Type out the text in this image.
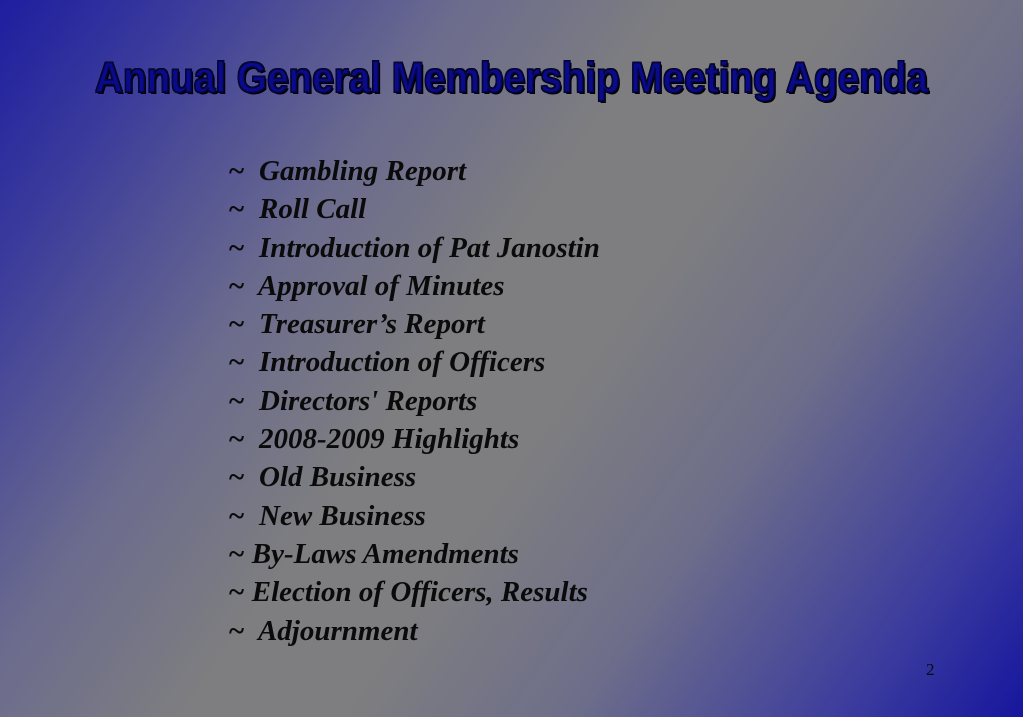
Annual General Membership Meeting Agenda
~  Gambling Report
~  Roll Call
~  Introduction of Pat Janostin
~  Approval of Minutes
~  Treasurer’s Report
~  Introduction of Officers
~  Directors' Reports
~  2008-2009 Highlights
~  Old Business
~  New Business
~ By-Laws Amendments
~ Election of Officers, Results
~  Adjournment
2
